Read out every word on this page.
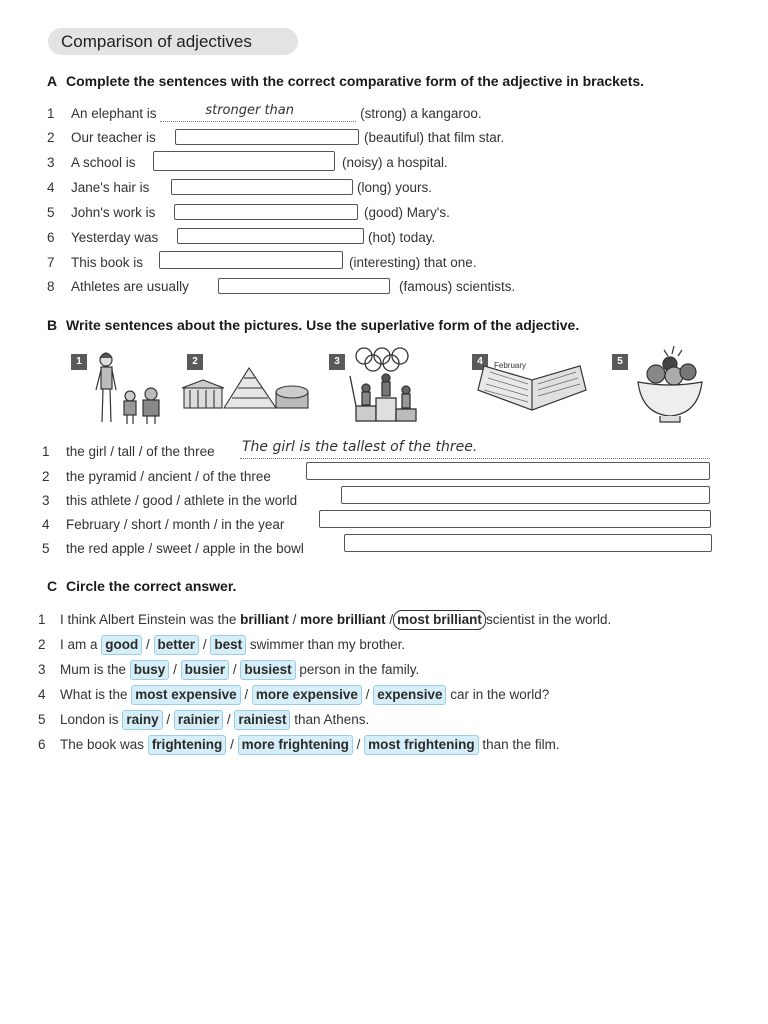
Comparison of adjectives
A Complete the sentences with the correct comparative form of the adjective in brackets.
1 An elephant is	stronger than	(strong) a kangaroo.
2 Our teacher is	(beautiful) that film star.
3 A school is	(noisy) a hospital.
4 Jane's hair is	(long) yours.
5 John's work is	(good) Mary's.
6 Yesterday was	(hot) today.
7 This book is	(interesting) that one.
8 Athletes are usually	(famous) scientists.
B Write sentences about the pictures. Use the superlative form of the adjective.
1	2	3	4	5
February
1 the girl / tall / of the three The girl is the tallest of the three.
2 the pyramid / ancient / of the three
3 this athlete / good / athlete in the world
4 February / short / month / in the year
5 the red apple / sweet / apple in the bowl
C Circle the correct answer.
1 I think Albert Einstein was the brilliant / more brilliant / most brilliant scientist in the world.
2 I am a good / better / best swimmer than my brother.
3 Mum is the busy / busier / busiest person in the family.
4 What is the most expensive / more expensive / expensive car in the world?
5 London is rainy / rainier / rainiest than Athens.
6 The book was frightening / more frightening / most frightening than the film.
